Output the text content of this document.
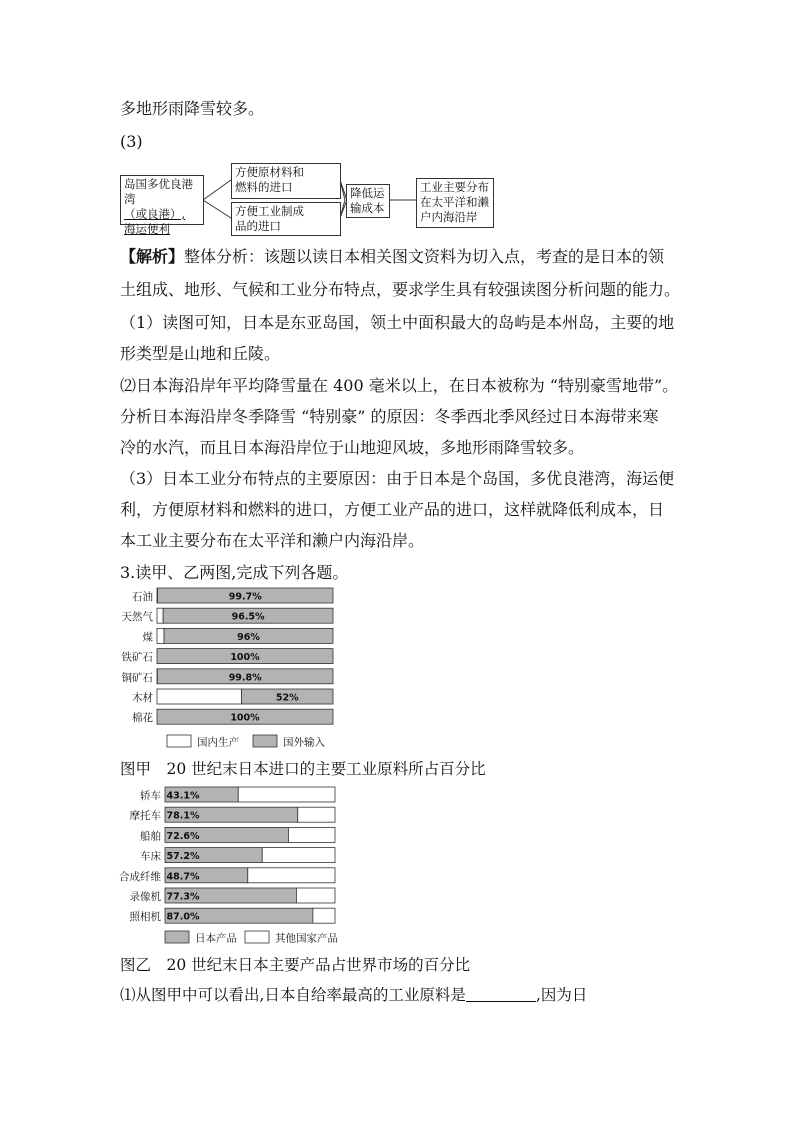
多地形雨降雪较多。
(3)
岛国多优良港湾
（或良港）,
海运便利
方便原材料和
燃料的进口
方便工业制成
品的进口
降低运
输成本
工业主要分布
在太平洋和濑
户内海沿岸
【解析】整体分析：该题以读日本相关图文资料为切入点，考查的是日本的领
土组成、地形、气候和工业分布特点，要求学生具有较强读图分析问题的能力。
（1）读图可知，日本是东亚岛国，领土中面积最大的岛屿是本州岛，主要的地
形类型是山地和丘陵。
⑵日本海沿岸年平均降雪量在 400 毫米以上，在日本被称为 “特别豪雪地带”。
分析日本海沿岸冬季降雪 “特别豪” 的原因：冬季西北季风经过日本海带来寒
冷的水汽，而且日本海沿岸位于山地迎风坡，多地形雨降雪较多。
（3）日本工业分布特点的主要原因：由于日本是个岛国，多优良港湾，海运便
利，方便原材料和燃料的进口，方便工业产品的进口，这样就降低利成本，日
本工业主要分布在太平洋和濑户内海沿岸。
3.读甲、乙两图,完成下列各题。
石油	99.7%
天然气	96.5%
煤	96%
铁矿石	100%
铜矿石	99.8%
木材	52%
棉花	100%
国内生产	国外输入
轿车 43.1%
摩托车 78.1%
船舶 72.6%
车床 57.2%
合成纤维 48.7%
录像机 77.3%
照相机 87.0%
日本产品	其他国家产品
图甲　20 世纪末日本进口的主要工业原料所占百分比
图乙　20 世纪末日本主要产品占世界市场的百分比
⑴从图甲中可以看出,日本自给率最高的工业原料是	,因为日
